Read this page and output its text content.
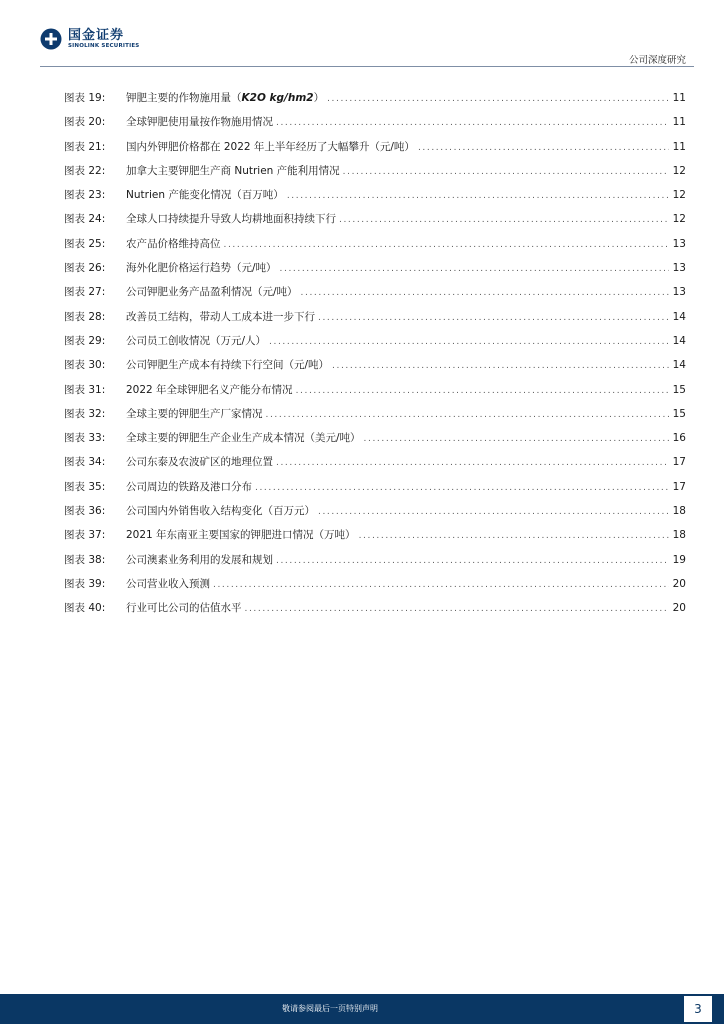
国金证券
SINOLINK SECURITIES
公司深度研究
图表 19:	钾肥主要的作物施用量（K2O kg/hm2） .....	11
图表 20:	全球钾肥使用量按作物施用情况 .....	11
图表 21:	国内外钾肥价格都在 2022 年上半年经历了大幅攀升（元/吨） .....	11
图表 22:	加拿大主要钾肥生产商 Nutrien 产能利用情况 .....	12
图表 23:	Nutrien 产能变化情况（百万吨） .....	12
图表 24:	全球人口持续提升导致人均耕地面积持续下行 .....	12
图表 25:	农产品价格维持高位 .....	13
图表 26:	海外化肥价格运行趋势（元/吨） .....	13
图表 27:	公司钾肥业务产品盈利情况（元/吨） .....	13
图表 28:	改善员工结构，带动人工成本进一步下行 .....	14
图表 29:	公司员工创收情况（万元/人） .....	14
图表 30:	公司钾肥生产成本有持续下行空间（元/吨） .....	14
图表 31:	2022 年全球钾肥名义产能分布情况 .....	15
图表 32:	全球主要的钾肥生产厂家情况 .....	15
图表 33:	全球主要的钾肥生产企业生产成本情况（美元/吨） .....	16
图表 34:	公司东泰及农波矿区的地理位置 .....	17
图表 35:	公司周边的铁路及港口分布 .....	17
图表 36:	公司国内外销售收入结构变化（百万元） .....	18
图表 37:	2021 年东南亚主要国家的钾肥进口情况（万吨） .....	18
图表 38:	公司澳素业务利用的发展和规划 .....	19
图表 39:	公司营业收入预测 .....	20
图表 40:	行业可比公司的估值水平 .....	20
敬请参阅最后一页特别声明	3
